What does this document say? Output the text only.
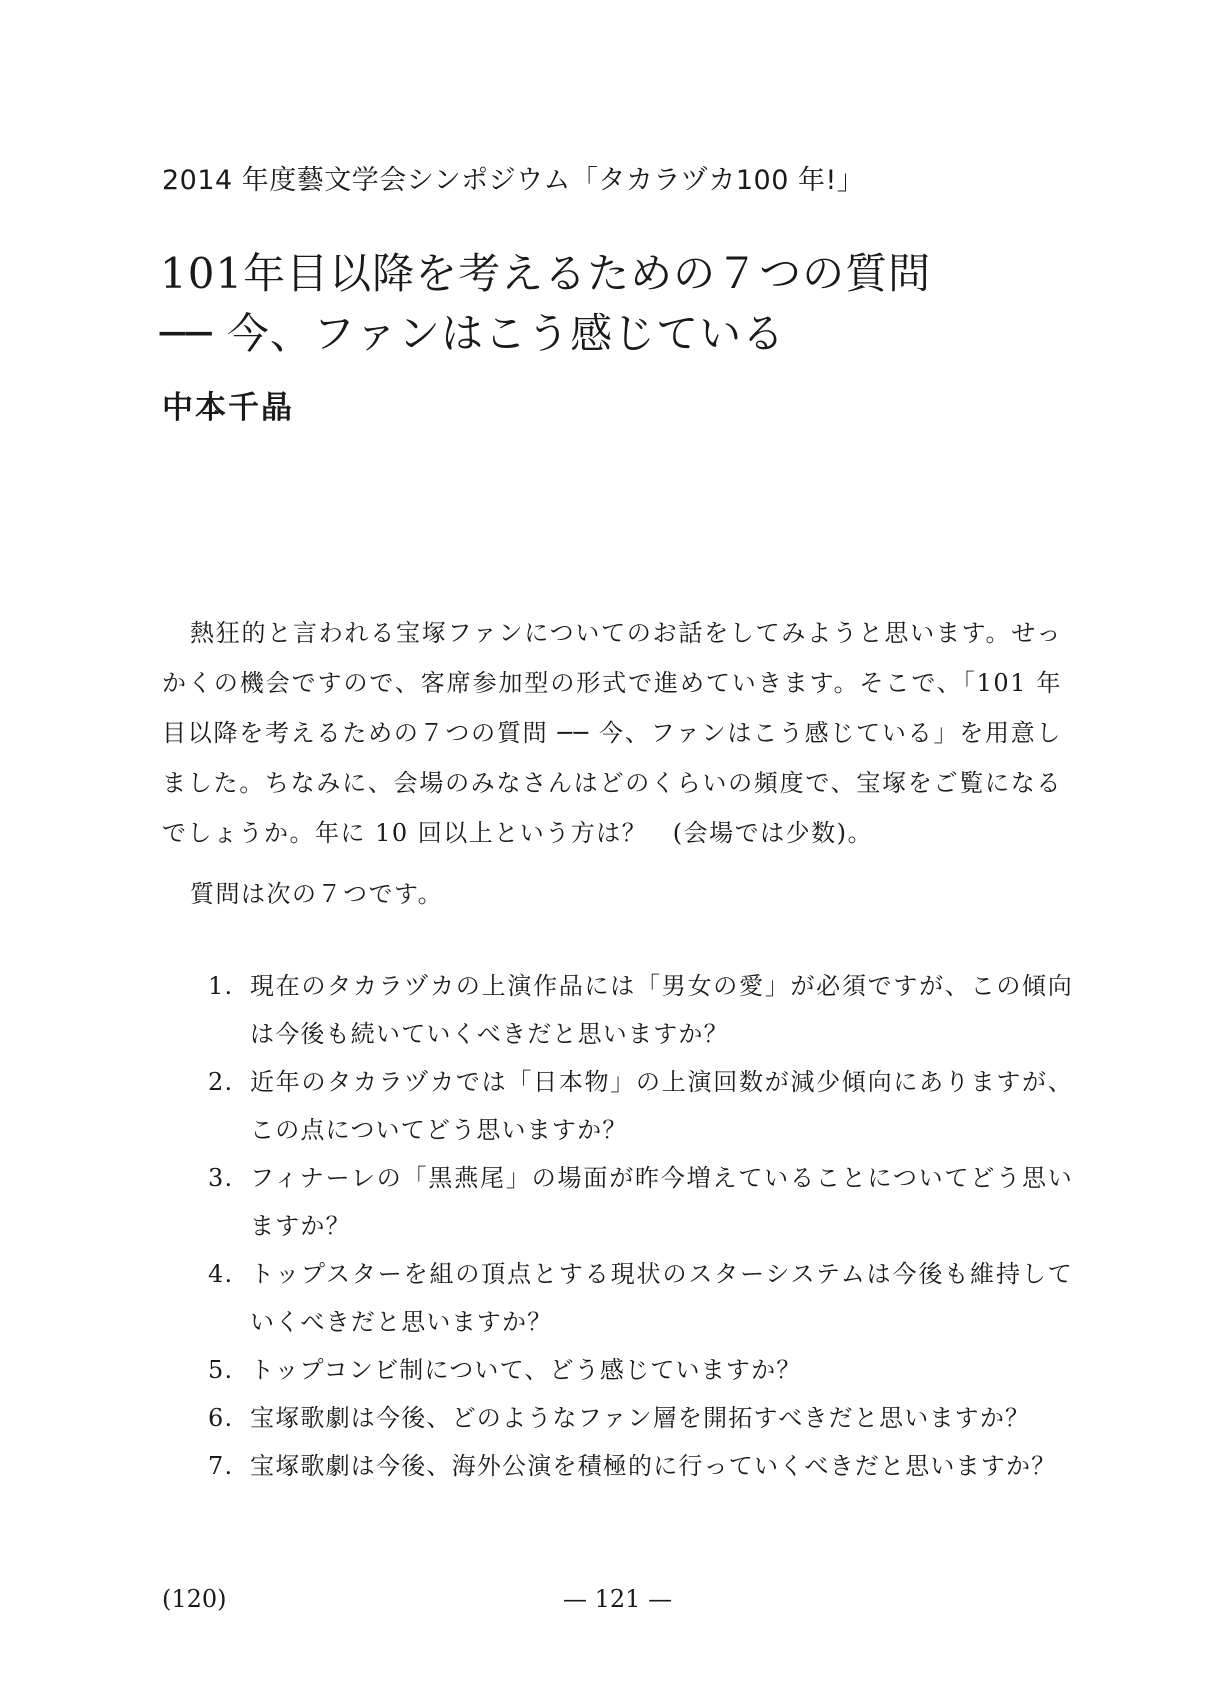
2014 年度藝文学会シンポジウム「タカラヅカ100 年!」
101年目以降を考えるための７つの質問
── 今、ファンはこう感じている
中本千晶

熱狂的と言われる宝塚ファンについてのお話をしてみようと思います。せっかくの機会ですので、客席参加型の形式で進めていきます。そこで、「101 年目以降を考えるための７つの質問 ── 今、ファンはこう感じている」を用意しました。ちなみに、会場のみなさんはどのくらいの頻度で、宝塚をご覧になるでしょうか。年に 10 回以上という方は？　(会場では少数)。

質問は次の７つです。
1. 現在のタカラヅカの上演作品には「男女の愛」が必須ですが、この傾向は今後も続いていくべきだと思いますか？
2. 近年のタカラヅカでは「日本物」の上演回数が減少傾向にありますが、この点についてどう思いますか？
3. フィナーレの「黒燕尾」の場面が昨今増えていることについてどう思いますか？
4. トップスターを組の頂点とする現状のスターシステムは今後も維持していくべきだと思いますか？
5. トップコンビ制について、どう感じていますか？
6. 宝塚歌劇は今後、どのようなファン層を開拓すべきだと思いますか？
7. 宝塚歌劇は今後、海外公演を積極的に行っていくべきだと思いますか？
(120)	— 121 —
